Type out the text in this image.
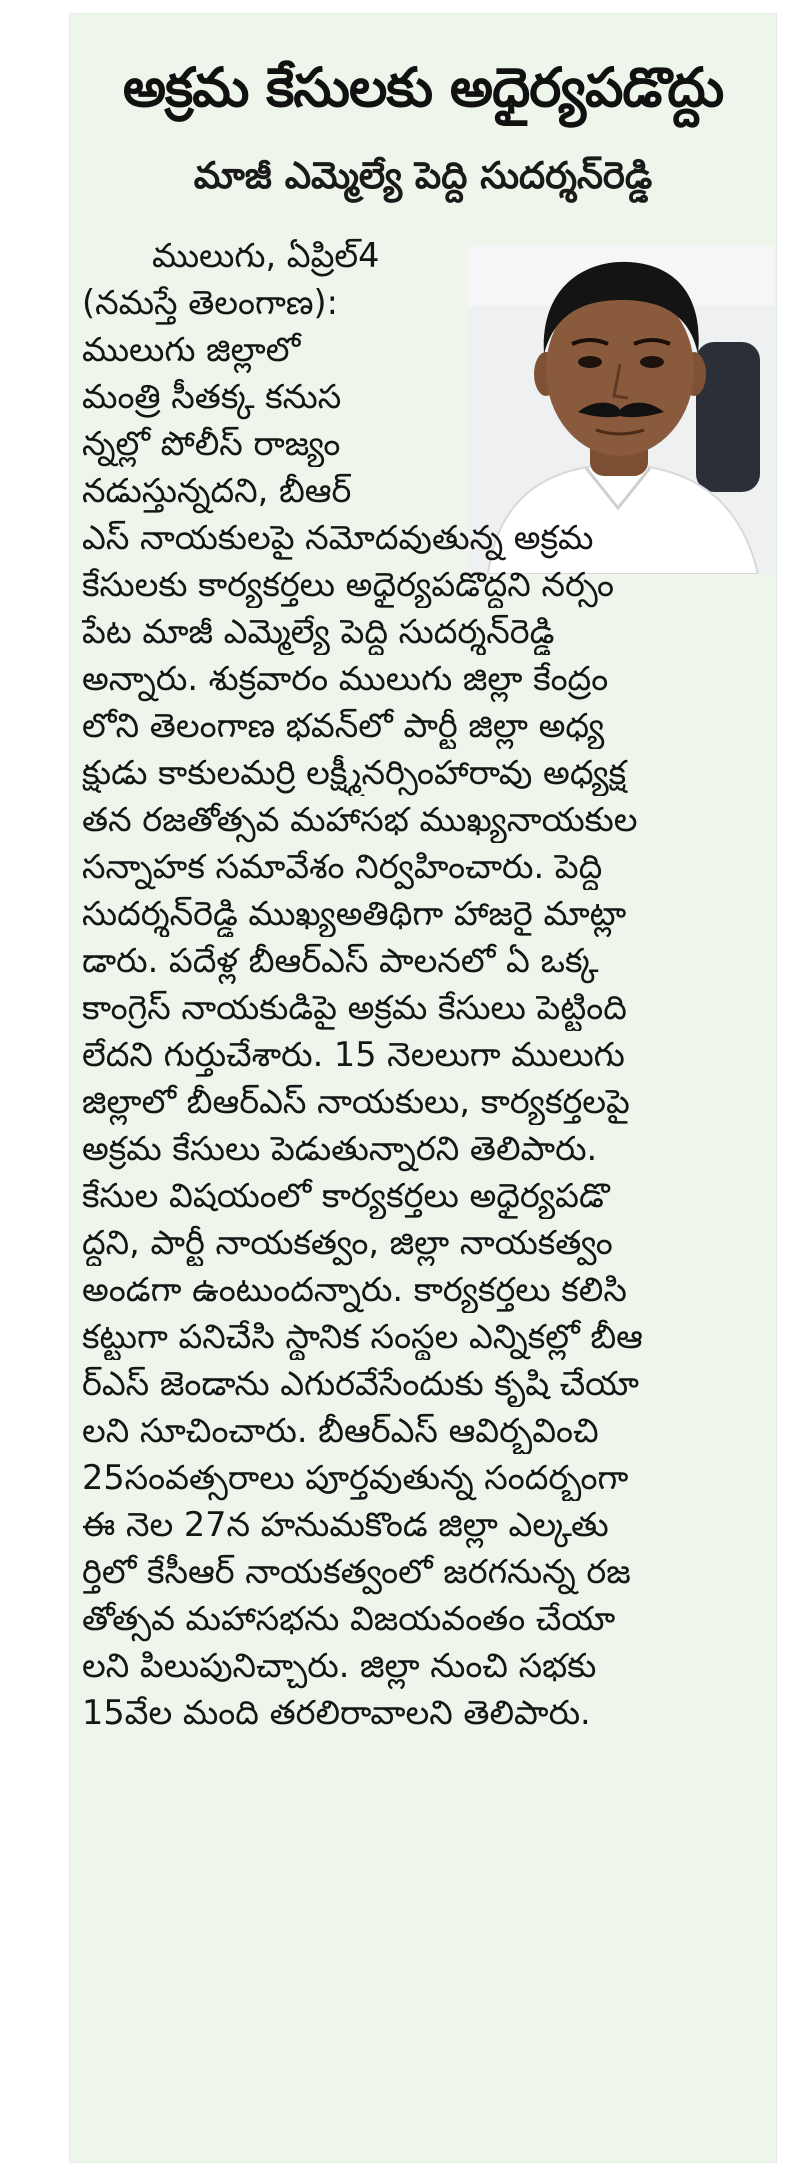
అక్రమ కేసులకు అధైర్యపడొద్దు
మాజీ ఎమ్మెల్యే పెద్ది సుదర్శన్‌రెడ్డి
ములుగు, ఏప్రిల్‌4
(నమస్తే తెలంగాణ):
ములుగు జిల్లాలో
మంత్రి సీతక్క కనుస
న్నల్లో పోలీస్‌ రాజ్యం
నడుస్తున్నదని, బీఆర్‌
ఎస్‌ నాయకులపై నమోదవుతున్న అక్రమ
కేసులకు కార్యకర్తలు అధైర్యపడొద్దని నర్సం
పేట మాజీ ఎమ్మెల్యే పెద్ది సుదర్శన్‌రెడ్డి
అన్నారు. శుక్రవారం ములుగు జిల్లా కేంద్రం
లోని తెలంగాణ భవన్‌లో పార్టీ జిల్లా అధ్య
క్షుడు కాకులమర్రి లక్ష్మీనర్సింహారావు అధ్యక్ష
తన రజతోత్సవ మహాసభ ముఖ్యనాయకుల
సన్నాహక సమావేశం నిర్వహించారు. పెద్ది
సుదర్శన్‌రెడ్డి ముఖ్యఅతిథిగా హాజరై మాట్లా
డారు. పదేళ్ల బీఆర్‌ఎస్‌ పాలనలో ఏ ఒక్క
కాంగ్రెస్‌ నాయకుడిపై అక్రమ కేసులు పెట్టింది
లేదని గుర్తుచేశారు. 15 నెలలుగా ములుగు
జిల్లాలో బీఆర్‌ఎస్‌ నాయకులు, కార్యకర్తలపై
అక్రమ కేసులు పెడుతున్నారని తెలిపారు.
కేసుల విషయంలో కార్యకర్తలు అధైర్యపడొ
ద్దని, పార్టీ నాయకత్వం, జిల్లా నాయకత్వం
అండగా ఉంటుందన్నారు. కార్యకర్తలు కలిసి
కట్టుగా పనిచేసి స్థానిక సంస్థల ఎన్నికల్లో బీఆ
ర్‌ఎస్‌ జెండాను ఎగురవేసేందుకు కృషి చేయా
లని సూచించారు. బీఆర్‌ఎస్‌ ఆవిర్భవించి
25సంవత్సరాలు పూర్తవుతున్న సందర్భంగా
ఈ నెల 27న హనుమకొండ జిల్లా ఎల్కతు
ర్తిలో కేసీఆర్‌ నాయకత్వంలో జరగనున్న రజ
తోత్సవ మహాసభను విజయవంతం చేయా
లని పిలుపునిచ్చారు. జిల్లా నుంచి సభకు
15వేల మంది తరలిరావాలని తెలిపారు.
